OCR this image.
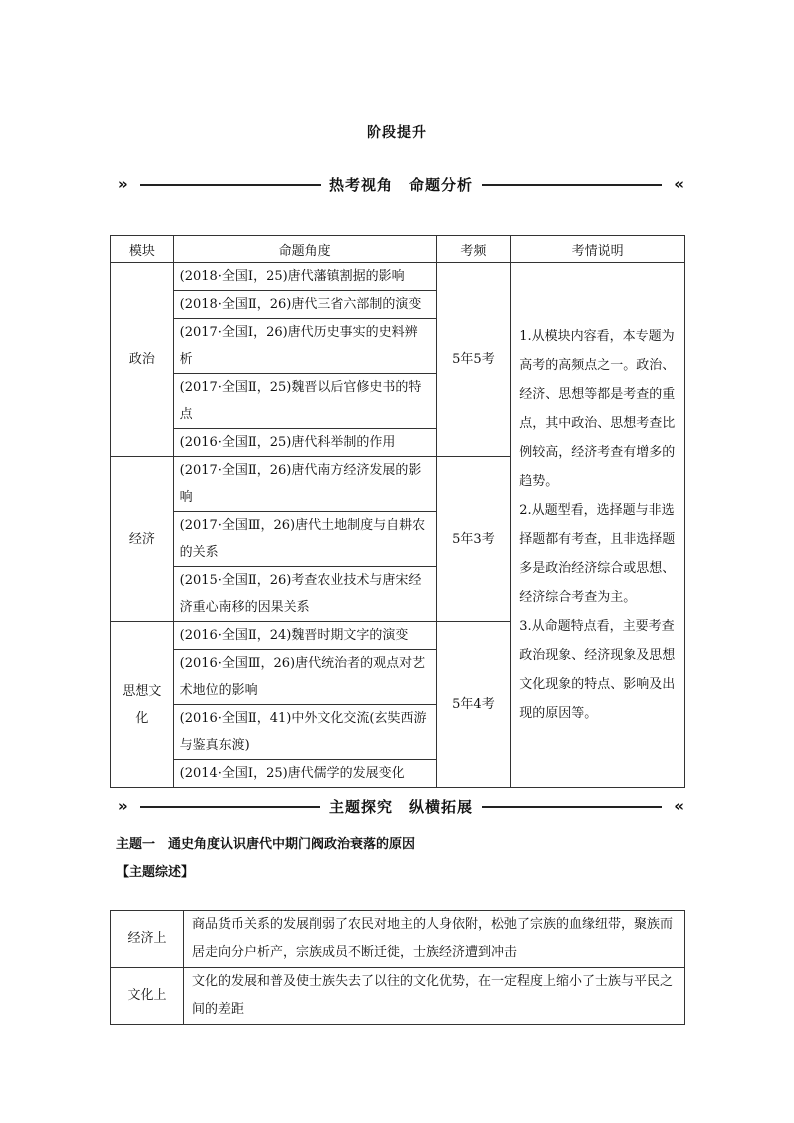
阶段提升
»	«
热考视角　命题分析
模块	命题角度	考频	考情说明
政治	(2018·全国Ⅰ，25)唐代藩镇割据的影响	5年5考	1.从模块内容看，本专题为高考的高频点之一。政治、经济、思想等都是考查的重点，其中政治、思想考查比例较高，经济考查有增多的趋势。

2.从题型看，选择题与非选择题都有考查，且非选择题多是政治经济综合或思想、经济综合考查为主。

3.从命题特点看，主要考查政治现象、经济现象及思想文化现象的特点、影响及出现的原因等。

	(2018·全国Ⅱ，26)唐代三省六部制的演变		
	(2017·全国Ⅰ，26)唐代历史事实的史料辨析		
	(2017·全国Ⅱ，25)魏晋以后官修史书的特点		
	(2016·全国Ⅱ，25)唐代科举制的作用		
经济	(2017·全国Ⅱ，26)唐代南方经济发展的影响	5年3考	
	(2017·全国Ⅲ，26)唐代土地制度与自耕农的关系		
	(2015·全国Ⅱ，26)考查农业技术与唐宋经济重心南移的因果关系		
思想文化	(2016·全国Ⅱ，24)魏晋时期文字的演变	5年4考	
	(2016·全国Ⅲ，26)唐代统治者的观点对艺术地位的影响		
	(2016·全国Ⅱ，41)中外文化交流(玄奘西游与鉴真东渡)		
	(2014·全国Ⅰ，25)唐代儒学的发展变化		
»	«
主题探究　纵横拓展
主题一　通史角度认识唐代中期门阀政治衰落的原因
【主题综述】
经济上	商品货币关系的发展削弱了农民对地主的人身依附，松弛了宗族的血缘纽带，聚族而居走向分户析产，宗族成员不断迁徙，士族经济遭到冲击
文化上	文化的发展和普及使士族失去了以往的文化优势，在一定程度上缩小了士族与平民之间的差距
